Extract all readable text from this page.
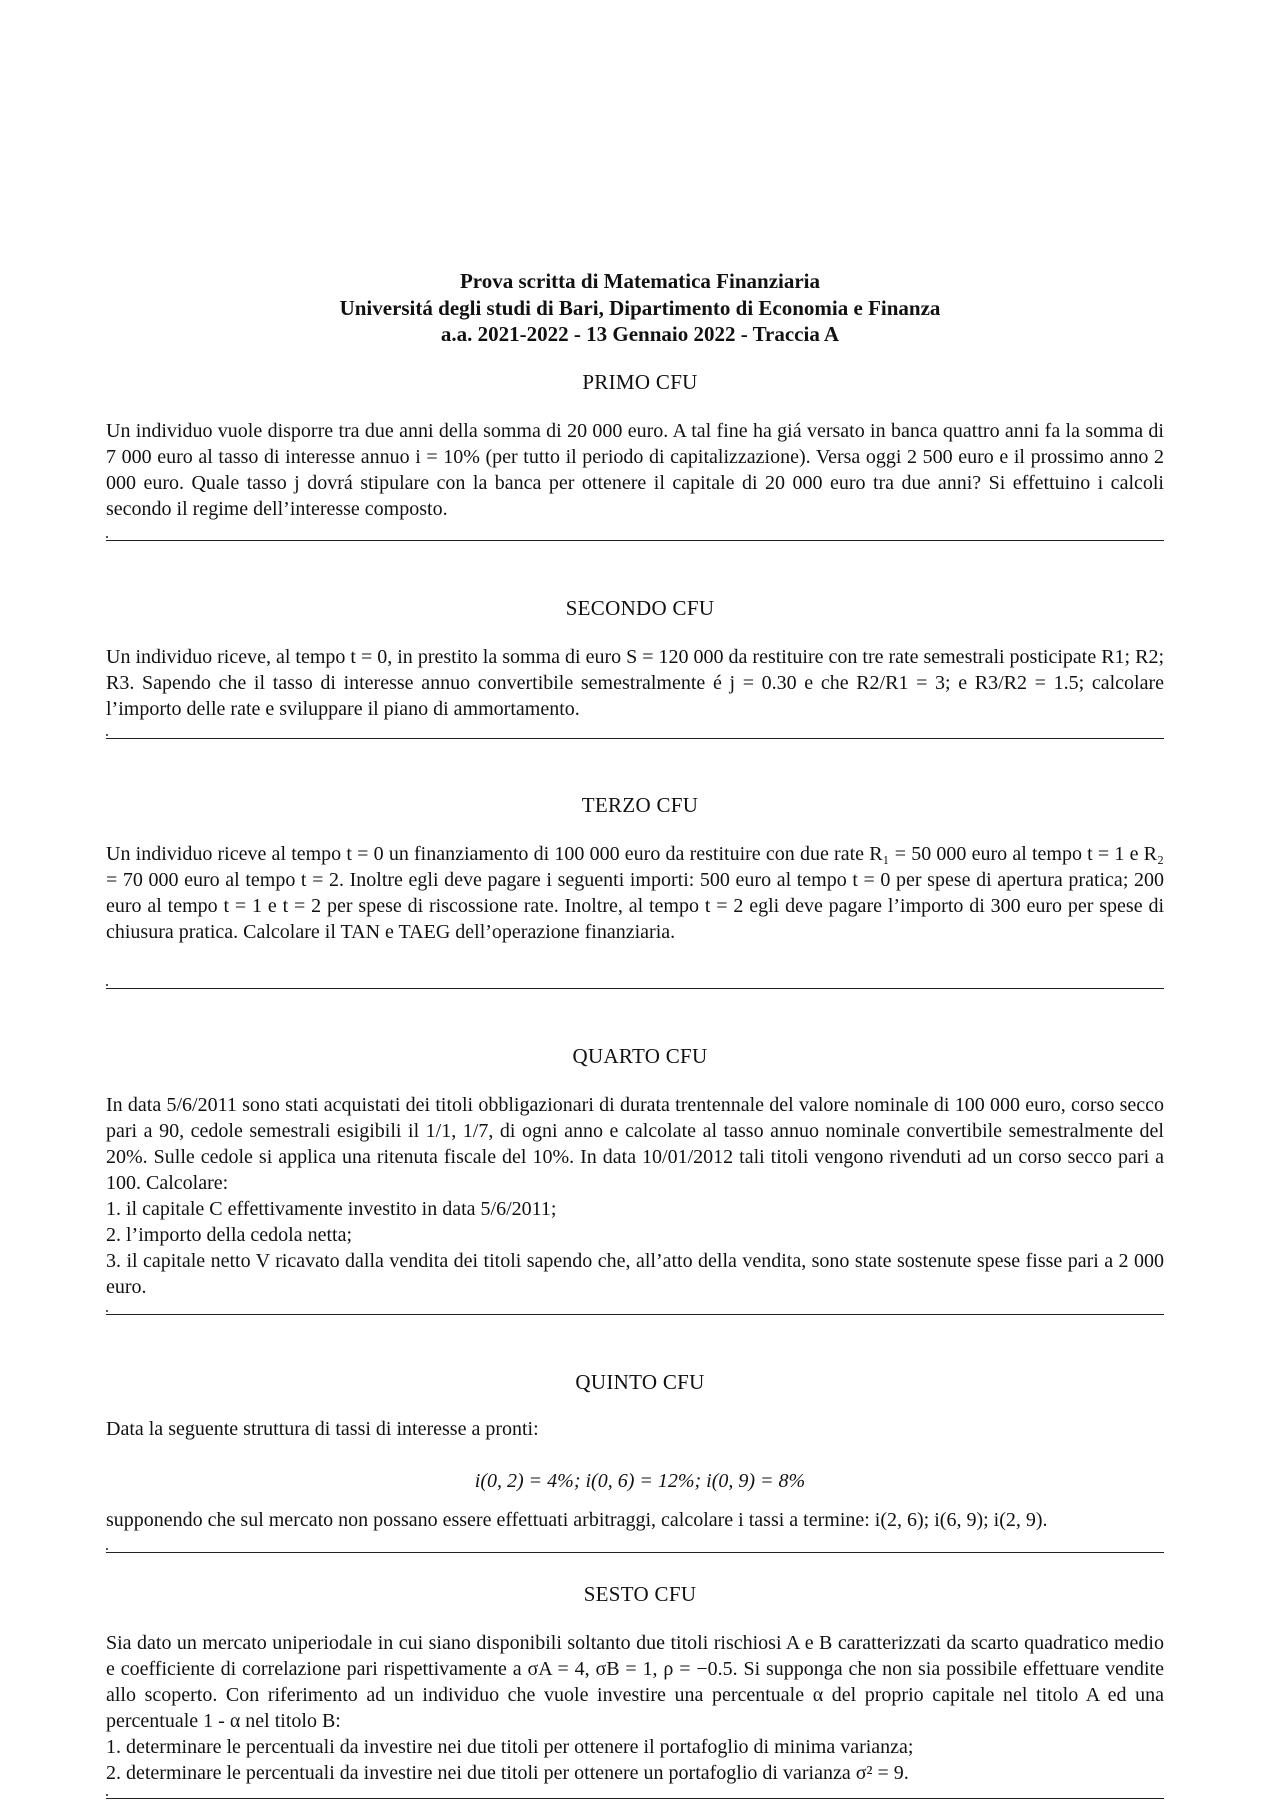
Prova scritta di Matematica Finanziaria
Universitá degli studi di Bari, Dipartimento di Economia e Finanza
a.a. 2021-2022 - 13 Gennaio 2022 - Traccia A
PRIMO CFU

Un individuo vuole disporre tra due anni della somma di 20 000 euro. A tal fine ha giá versato in banca quattro anni fa la somma di 7 000 euro al tasso di interesse annuo i = 10% (per tutto il periodo di capitalizzazione). Versa oggi 2 500 euro e il prossimo anno 2 000 euro. Quale tasso j dovrá stipulare con la banca per ottenere il capitale di 20 000 euro tra due anni? Si effettuino i calcoli secondo il regime dell’interesse composto.

SECONDO CFU

Un individuo riceve, al tempo t = 0, in prestito la somma di euro S = 120 000 da restituire con tre rate semestrali posticipate R1; R2; R3. Sapendo che il tasso di interesse annuo convertibile semestralmente é j = 0.30 e che R2/R1 = 3; e R3/R2 = 1.5; calcolare l’importo delle rate e sviluppare il piano di ammortamento.

TERZO CFU

Un individuo riceve al tempo t = 0 un finanziamento di 100 000 euro da restituire con due rate R₁ = 50 000 euro al tempo t = 1 e R₂ = 70 000 euro al tempo t = 2. Inoltre egli deve pagare i seguenti importi: 500 euro al tempo t = 0 per spese di apertura pratica; 200 euro al tempo t = 1 e t = 2 per spese di riscossione rate. Inoltre, al tempo t = 2 egli deve pagare l’importo di 300 euro per spese di chiusura pratica. Calcolare il TAN e TAEG dell’operazione finanziaria.

QUARTO CFU

In data 5/6/2011 sono stati acquistati dei titoli obbligazionari di durata trentennale del valore nominale di 100 000 euro, corso secco pari a 90, cedole semestrali esigibili il 1/1, 1/7, di ogni anno e calcolate al tasso annuo nominale convertibile semestralmente del 20%. Sulle cedole si applica una ritenuta fiscale del 10%. In data 10/01/2012 tali titoli vengono rivenduti ad un corso secco pari a 100. Calcolare:

1. il capitale C effettivamente investito in data 5/6/2011;
2. l’importo della cedola netta;
3. il capitale netto V ricavato dalla vendita dei titoli sapendo che, all’atto della vendita, sono state sostenute spese fisse pari a 2 000 euro.
QUINTO CFU

Data la seguente struttura di tassi di interesse a pronti:

i(0, 2) = 4%; i(0, 6) = 12%; i(0, 9) = 8%

supponendo che sul mercato non possano essere effettuati arbitraggi, calcolare i tassi a termine: i(2, 6); i(6, 9); i(2, 9).

SESTO CFU

Sia dato un mercato uniperiodale in cui siano disponibili soltanto due titoli rischiosi A e B caratterizzati da scarto quadratico medio e coefficiente di correlazione pari rispettivamente a σA = 4, σB = 1, ρ = −0.5. Si supponga che non sia possibile effettuare vendite allo scoperto. Con riferimento ad un individuo che vuole investire una percentuale α del proprio capitale nel titolo A ed una percentuale 1 - α nel titolo B:

1. determinare le percentuali da investire nei due titoli per ottenere il portafoglio di minima varianza;
2. determinare le percentuali da investire nei due titoli per ottenere un portafoglio di varianza σ² = 9.
